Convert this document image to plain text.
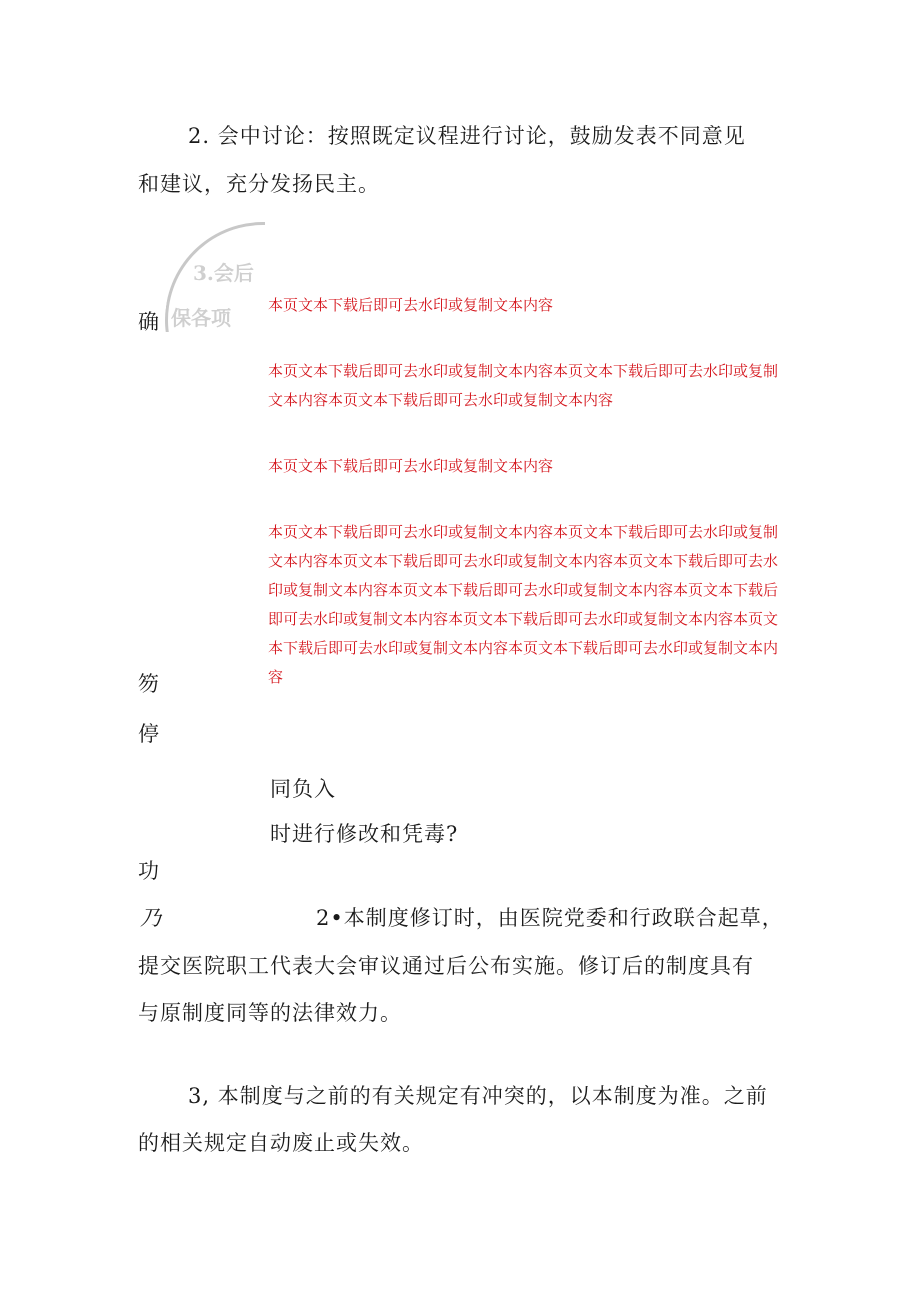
2. 会中讨论：按照既定议程进行讨论，鼓励发表不同意见
和建议，充分发扬民主。
3.会后
保各项
确
本页文本下载后即可去水印或复制文本内容
本页文本下载后即可去水印或复制文本内容本页文本下载后即可去水印或复制文本内容本页文本下载后即可去水印或复制文本内容
本页文本下载后即可去水印或复制文本内容
本页文本下载后即可去水印或复制文本内容本页文本下载后即可去水印或复制文本内容本页文本下载后即可去水印或复制文本内容本页文本下载后即可去水印或复制文本内容本页文本下载后即可去水印或复制文本内容本页文本下载后即可去水印或复制文本内容本页文本下载后即可去水印或复制文本内容本页文本下载后即可去水印或复制文本内容本页文本下载后即可去水印或复制文本内容
笏
停
同负入
时进行修改和凭毒?
功
乃	2•本制度修订时，由医院党委和行政联合起草，
提交医院职工代表大会审议通过后公布实施。修订后的制度具有
与原制度同等的法律效力。
3, 本制度与之前的有关规定有冲突的，以本制度为准。之前
的相关规定自动废止或失效。
